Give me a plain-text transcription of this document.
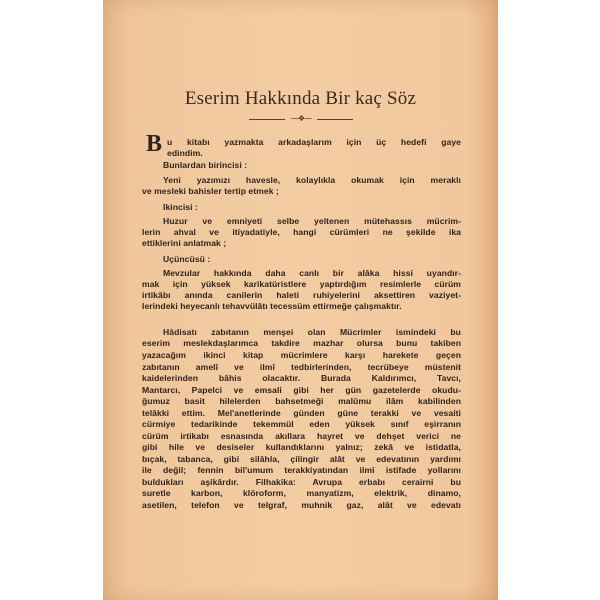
Eserim Hakkında Bir kaç Söz
⁓❖⁓
B u kitabı yazmakta arkadaşlarım için üç hedefi gaye
edindim.
Bunlardan birincisi :
Yeni yazımızı havesle, kolaylıkla okumak için meraklı
ve mesleki bahisler tertip etmek ;
Ikincisi :
Huzur ve emniyeti selbe yeltenen mütehassıs mücrim-
lerin ahval ve itiyadatiyle, hangi cürümleri ne şekilde ika
ettiklerini anlatmak ;
Uçüncüsü :
Mevzular hakkında daha canlı bir alâka hissi uyandır-
mak için yüksek karikatüristlere yaptırdığım resimlerle cürüm
irtikâbı anında canilerin haleti ruhiyelerini aksettiren vaziyet-
lerindeki heyecanlı tehavvülâtı tecessüm ettirmeğe çalışmaktır.
Hâdisatı zabıtanın menşei olan Mücrimler ismindeki bu
eserim meslekdaşlarımca takdire mazhar olursa bunu takiben
yazacağım ikinci kitap mücrimlere karşı harekete geçen
zabıtanın amelî ve ilmî tedbirlerinden, tecrübeye müstenit
kaidelerinden bâhis olacaktır. Burada Kaldırımcı, Tavcı,
Mantarcı, Papelci ve emsali gibi her gün gazetelerde okudu-
ğumuz basit hilelerden bahsetmeği malûmu ilâm kabilinden
telâkki ettim. Mel'anetlerinde günden güne terakki ve vesaiti
cürmiye tedarikinde tekemmül eden yüksek sınıf eşirranın
cürüm irtikabı esnasında akıllara hayret ve dehşet verici ne
gibi hile ve desiseler kullandıklarını yalnız; zekâ ve istidatla,
bıçak, tabanca, gibi silâhla, çilingir alât ve edevatının yardımı
ile değil; fennin bil'umum terakkiyatından ilmî istifade yollarını
buldukları aşikârdır. Filhakika: Avrupa erbabı cerairni bu
suretle karbon, klöroform, manyatizm, elektrik, dinamo,
asetilen, telefon ve telgraf, muhnik gaz, alât ve edevatı
